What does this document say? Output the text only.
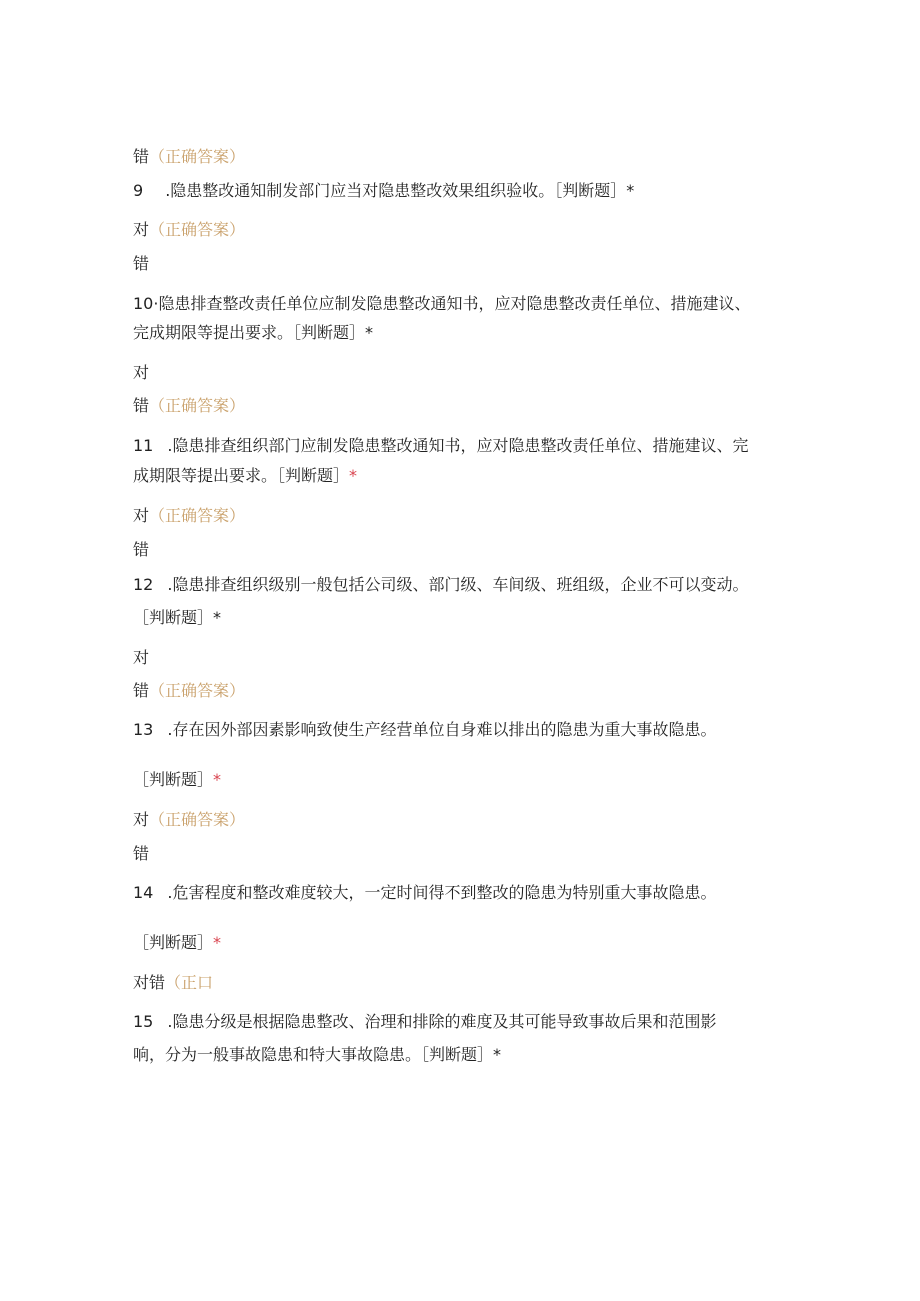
错（正确答案）
9 .隐患整改通知制发部门应当对隐患整改效果组织验收。［判断题］*
对（正确答案）
错
10·隐患排查整改责任单位应制发隐患整改通知书，应对隐患整改责任单位、措施建议、
完成期限等提出要求。［判断题］*
对
错（正确答案）
11 .隐患排查组织部门应制发隐患整改通知书，应对隐患整改责任单位、措施建议、完
成期限等提出要求。［判断题］*
对（正确答案）
错
12 .隐患排查组织级别一般包括公司级、部门级、车间级、班组级，企业不可以变动。
［判断题］*
对
错（正确答案）
13 .存在因外部因素影响致使生产经营单位自身难以排出的隐患为重大事故隐患。
［判断题］*
对（正确答案）
错
14 .危害程度和整改难度较大，一定时间得不到整改的隐患为特别重大事故隐患。
［判断题］*
对错（正口
15 .隐患分级是根据隐患整改、治理和排除的难度及其可能导致事故后果和范围影
响，分为一般事故隐患和特大事故隐患。［判断题］*
